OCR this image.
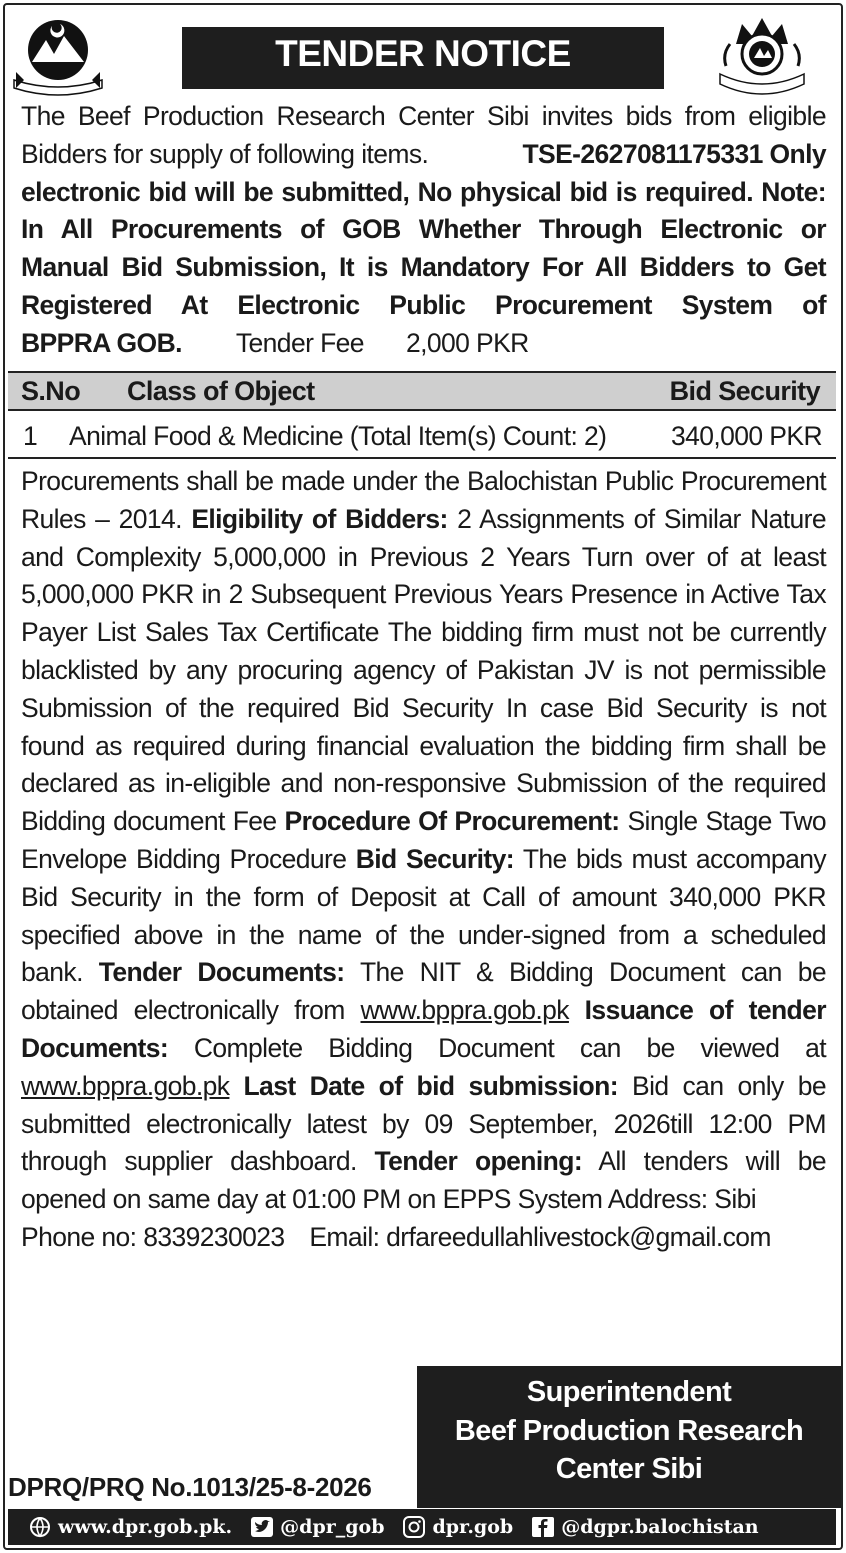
TENDER NOTICE
The Beef Production Research Center Sibi invites bids from eligible
Bidders for supply of following items.	TSE-2627081175331 Only
electronic bid will be submitted, No physical bid is required. Note: In All Procurements of GOB Whether Through Electronic or Manual Bid Submission, It is Mandatory For All Bidders to Get Registered At Electronic Public Procurement System of
BPPRA GOB. Tender Fee 2,000 PKR
S.No Class of Object	Bid Security
1 Animal Food & Medicine (Total Item(s) Count: 2) 340,000 PKR
Procurements shall be made under the Balochistan Public Procurement Rules – 2014. Eligibility of Bidders: 2 Assignments of Similar Nature and Complexity 5,000,000 in Previous 2 Years Turn over of at least 5,000,000 PKR in 2 Subsequent Previous Years Presence in Active Tax Payer List Sales Tax Certificate The bidding firm must not be currently blacklisted by any procuring agency of Pakistan JV is not permissible Submission of the required Bid Security In case Bid Security is not found as required during financial evaluation the bidding firm shall be declared as in-eligible and non-responsive Submission of the required Bidding document Fee Procedure Of Procurement: Single Stage Two Envelope Bidding Procedure Bid Security: The bids must accompany Bid Security in the form of Deposit at Call of amount 340,000 PKR specified above in the name of the under-signed from a scheduled bank. Tender Documents: The NIT & Bidding Document can be obtained electronically from www.bppra.gob.pk Issuance of tender Documents: Complete Bidding Document can be viewed at www.bppra.gob.pk Last Date of bid submission: Bid can only be submitted electronically latest by 09 September, 2026till 12:00 PM through supplier dashboard. Tender opening: All tenders will be opened on same day at 01:00 PM on EPPS System Address: Sibi
Phone no: 8339230023 Email: drfareedullahlivestock@gmail.com
Superintendent
Beef Production Research
Center Sibi
DPRQ/PRQ No.1013/25-8-2026
www.dpr.gob.pk.	@dpr_gob	dpr.gob	@dgpr.balochistan
